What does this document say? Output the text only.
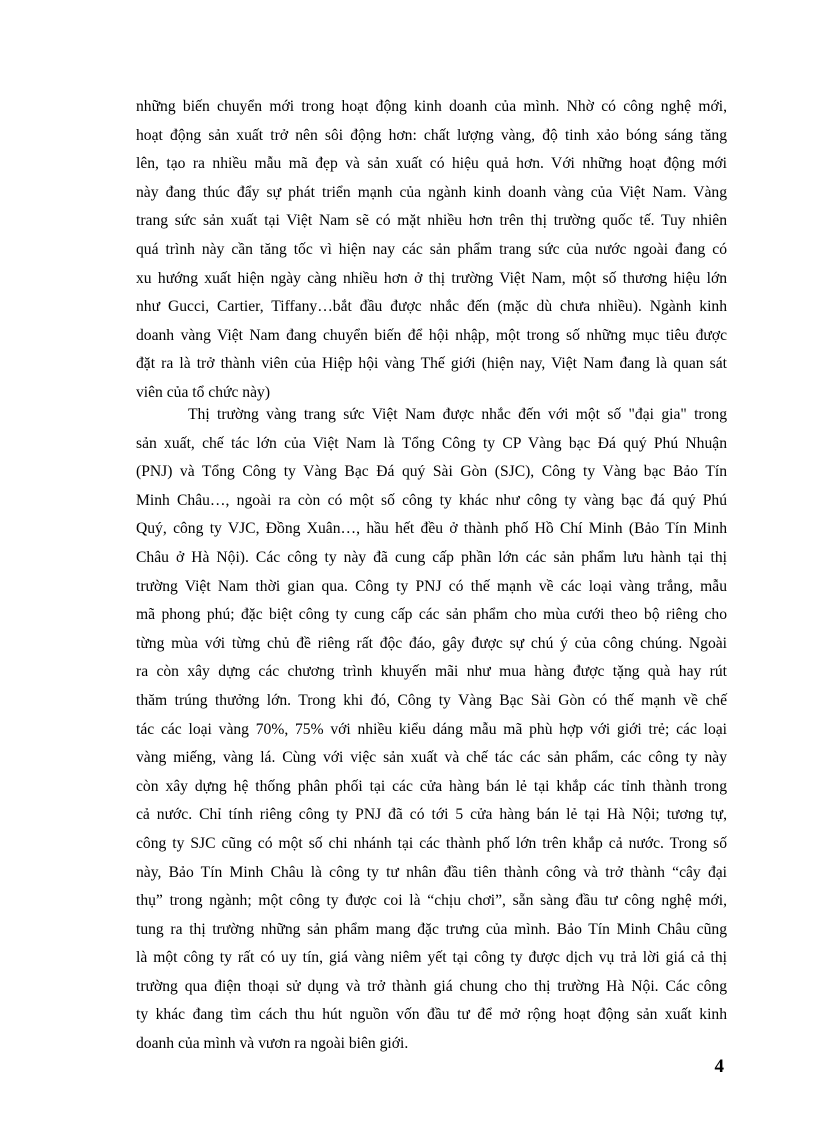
những biến chuyển mới trong hoạt động kinh doanh của mình. Nhờ có công nghệ mới,
hoạt động sản xuất trở nên sôi động hơn: chất lượng vàng, độ tinh xảo bóng sáng tăng
lên, tạo ra nhiều mẫu mã đẹp và sản xuất có hiệu quả hơn. Với những hoạt động mới
này đang thúc đẩy sự phát triển mạnh của ngành kinh doanh vàng của Việt Nam. Vàng
trang sức sản xuất tại Việt Nam sẽ có mặt nhiều hơn trên thị trường quốc tế. Tuy nhiên
quá trình này cần tăng tốc vì hiện nay các sản phẩm trang sức của nước ngoài đang có
xu hướng xuất hiện ngày càng nhiều hơn ở thị trường Việt Nam, một số thương hiệu lớn
như Gucci, Cartier, Tiffany…bắt đầu được nhắc đến (mặc dù chưa nhiều). Ngành kinh
doanh vàng Việt Nam đang chuyển biến để hội nhập, một trong số những mục tiêu được
đặt ra là trở thành viên của Hiệp hội vàng Thế giới (hiện nay, Việt Nam đang là quan sát
viên của tổ chức này)
Thị trường vàng trang sức Việt Nam được nhắc đến với một số "đại gia" trong
sản xuất, chế tác lớn của Việt Nam là Tổng Công ty CP Vàng bạc Đá quý Phú Nhuận
(PNJ) và Tổng Công ty Vàng Bạc Đá quý Sài Gòn (SJC), Công ty Vàng bạc Bảo Tín
Minh Châu…, ngoài ra còn có một số công ty khác như công ty vàng bạc đá quý Phú
Quý, công ty VJC, Đồng Xuân…, hầu hết đều ở thành phố Hồ Chí Minh (Bảo Tín Minh
Châu ở Hà Nội). Các công ty này đã cung cấp phần lớn các sản phẩm lưu hành tại thị
trường Việt Nam thời gian qua. Công ty PNJ có thế mạnh về các loại vàng trắng, mẫu
mã phong phú; đặc biệt công ty cung cấp các sản phẩm cho mùa cưới theo bộ riêng cho
từng mùa với từng chủ đề riêng rất độc đáo, gây được sự chú ý của công chúng. Ngoài
ra còn xây dựng các chương trình khuyến mãi như mua hàng được tặng quà hay rút
thăm trúng thưởng lớn. Trong khi đó, Công ty Vàng Bạc Sài Gòn có thế mạnh về chế
tác các loại vàng 70%, 75% với nhiều kiểu dáng mẫu mã phù hợp với giới trẻ; các loại
vàng miếng, vàng lá. Cùng với việc sản xuất và chế tác các sản phẩm, các công ty này
còn xây dựng hệ thống phân phối tại các cửa hàng bán lẻ tại khắp các tỉnh thành trong
cả nước. Chỉ tính riêng công ty PNJ đã có tới 5 cửa hàng bán lẻ tại Hà Nội; tương tự,
công ty SJC cũng có một số chi nhánh tại các thành phố lớn trên khắp cả nước. Trong số
này, Bảo Tín Minh Châu là công ty tư nhân đầu tiên thành công và trở thành “cây đại
thụ” trong ngành; một công ty được coi là “chịu chơi”, sẵn sàng đầu tư công nghệ mới,
tung ra thị trường những sản phẩm mang đặc trưng của mình. Bảo Tín Minh Châu cũng
là một công ty rất có uy tín, giá vàng niêm yết tại công ty được dịch vụ trả lời giá cả thị
trường qua điện thoại sử dụng và trở thành giá chung cho thị trường Hà Nội. Các công
ty khác đang tìm cách thu hút nguồn vốn đầu tư để mở rộng hoạt động sản xuất kinh
doanh của mình và vươn ra ngoài biên giới.
4
